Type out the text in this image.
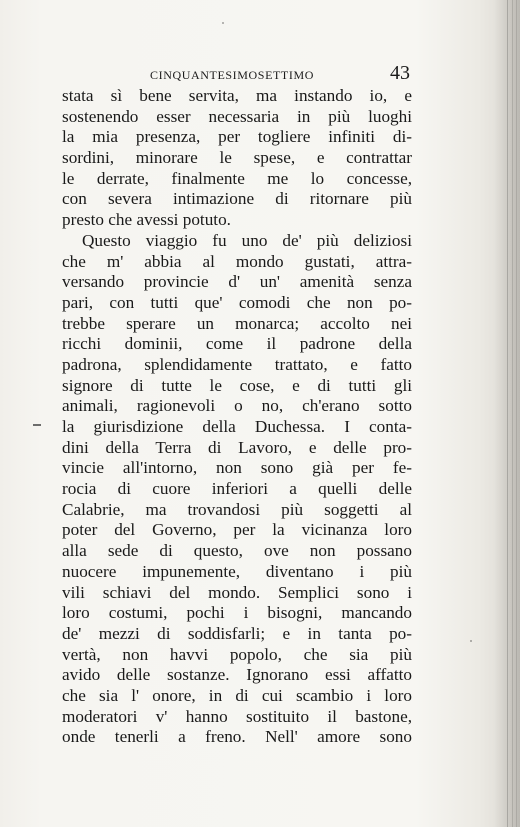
CINQUANTESIMOSETTIMO	43
stata sì bene servita, ma instando io, e
sostenendo esser necessaria in più luoghi
la mia presenza, per togliere infiniti di-
sordini, minorare le spese, e contrattar
le derrate, finalmente me lo concesse,
con severa intimazione di ritornare più
presto che avessi potuto.
Questo viaggio fu uno de' più deliziosi
che m' abbia al mondo gustati, attra-
versando provincie d' un' amenità senza
pari, con tutti que' comodi che non po-
trebbe sperare un monarca; accolto nei
ricchi dominii, come il padrone della
padrona, splendidamente trattato, e fatto
signore di tutte le cose, e di tutti gli
animali, ragionevoli o no, ch'erano sotto
la giurisdizione della Duchessa. I conta-
dini della Terra di Lavoro, e delle pro-
vincie all'intorno, non sono già per fe-
rocia di cuore inferiori a quelli delle
Calabrie, ma trovandosi più soggetti al
poter del Governo, per la vicinanza loro
alla sede di questo, ove non possano
nuocere impunemente, diventano i più
vili schiavi del mondo. Semplici sono i
loro costumi, pochi i bisogni, mancando
de' mezzi di soddisfarli; e in tanta po-
vertà, non havvi popolo, che sia più
avido delle sostanze. Ignorano essi affatto
che sia l' onore, in di cui scambio i loro
moderatori v' hanno sostituito il bastone,
onde tenerli a freno. Nell' amore sono
